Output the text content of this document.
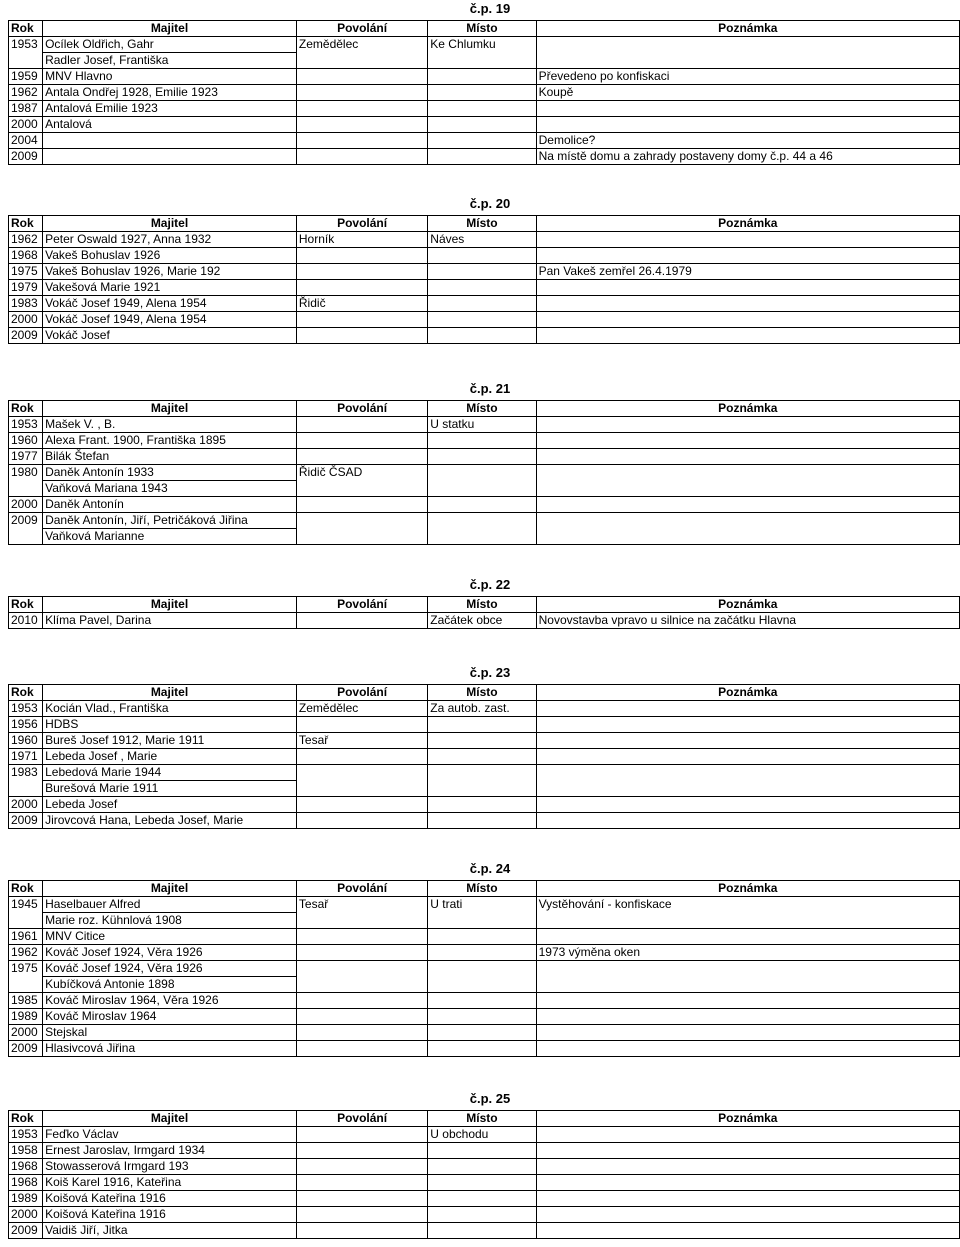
č.p. 19
Rok	Majitel	Povolání	Místo	Poznámka
1953	Ocílek Oldřich, Gahr	Zemědělec	Ke Chlumku	
	Radler Josef, Františka			
1959	MNV Hlavno			Převedeno po konfiskaci
1962	Antala Ondřej 1928, Emilie 1923			Koupě
1987	Antalová Emilie 1923			
2000	Antalová			
2004				Demolice?
2009				Na místě domu a zahrady postaveny domy č.p. 44 a 46
č.p. 20
Rok	Majitel	Povolání	Místo	Poznámka
1962	Peter Oswald 1927, Anna 1932	Horník	Náves	
1968	Vakeš Bohuslav 1926			
1975	Vakeš Bohuslav 1926, Marie 192			Pan Vakeš zemřel 26.4.1979
1979	Vakešová Marie 1921			
1983	Vokáč Josef 1949, Alena 1954	Řidič		
2000	Vokáč Josef 1949, Alena 1954			
2009	Vokáč Josef			
č.p. 21
Rok	Majitel	Povolání	Místo	Poznámka
1953	Mašek V. , B.		U statku	
1960	Alexa Frant. 1900, Františka 1895			
1977	Bilák Štefan			
1980	Daněk Antonín 1933	Řidič ČSAD		
	Vaňková Mariana 1943			
2000	Daněk Antonín			
2009	Daněk Antonín, Jiří, Petričáková Jiřina			
	Vaňková Marianne			
č.p. 22
Rok	Majitel	Povolání	Místo	Poznámka
2010	Klíma Pavel, Darina		Začátek obce	Novovstavba vpravo u silnice na začátku Hlavna
č.p. 23
Rok	Majitel	Povolání	Místo	Poznámka
1953	Kocián Vlad., Františka	Zemědělec	Za autob. zast.	
1956	HDBS			
1960	Bureš Josef 1912, Marie 1911	Tesař		
1971	Lebeda Josef , Marie			
1983	Lebedová Marie 1944			
	Burešová Marie 1911			
2000	Lebeda Josef			
2009	Jirovcová Hana, Lebeda Josef, Marie			
č.p. 24
Rok	Majitel	Povolání	Místo	Poznámka
1945	Haselbauer Alfred	Tesař	U trati	Vystěhování - konfiskace
	Marie roz. Kühnlová 1908			
1961	MNV Citice			
1962	Kováč Josef 1924, Věra 1926			1973 výměna oken
1975	Kováč Josef 1924, Věra 1926			
	Kubíčková Antonie 1898			
1985	Kováč Miroslav 1964, Věra 1926			
1989	Kováč Miroslav 1964			
2000	Stejskal			
2009	Hlasivcová Jiřina			
č.p. 25
Rok	Majitel	Povolání	Místo	Poznámka
1953	Feďko Václav		U obchodu	
1958	Ernest Jaroslav, Irmgard 1934			
1968	Stowasserová Irmgard 193			
1968	Koiš Karel 1916, Kateřina			
1989	Koišová Kateřina 1916			
2000	Koišová Kateřina 1916			
2009	Vaidiš Jiří, Jitka			
